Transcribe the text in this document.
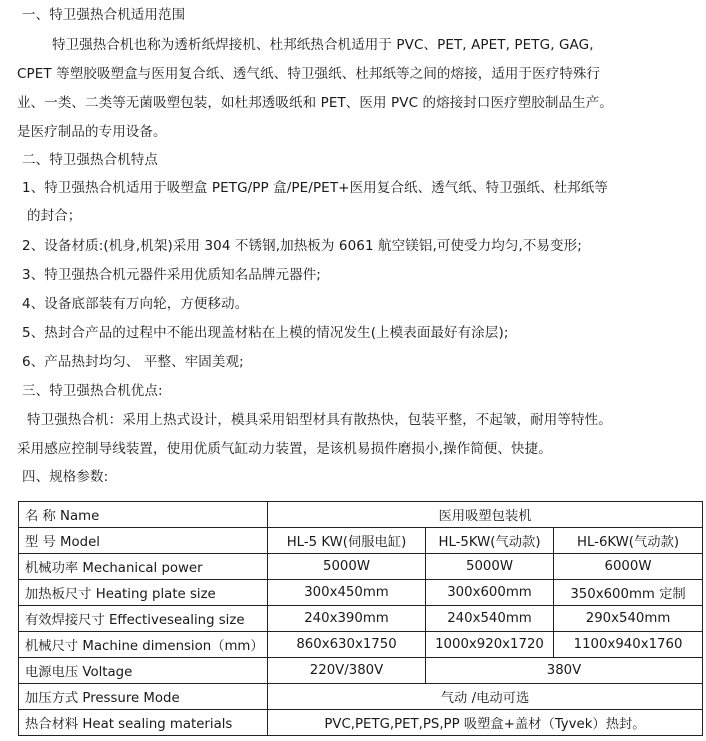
一、特卫强热合机适用范围
特卫强热合机也称为透析纸焊接机、杜邦纸热合机适用于 PVC、PET, APET, PETG, GAG,
CPET 等塑胶吸塑盒与医用复合纸、透气纸、特卫强纸、杜邦纸等之间的熔接，适用于医疗特殊行
业、一类、二类等无菌吸塑包装，如杜邦透吸纸和 PET、医用 PVC 的熔接封口医疗塑胶制品生产。
是医疗制品的专用设备。
二、特卫强热合机特点
1、特卫强热合机适用于吸塑盒 PETG/PP 盒/PE/PET+医用复合纸、透气纸、特卫强纸、杜邦纸等
的封合；
2、设备材质:(机身,机架)采用 304 不锈钢,加热板为 6061 航空镁铝,可使受力均匀,不易变形;
3、特卫强热合机元器件采用优质知名品牌元器件;
4、设备底部装有万向轮，方便移动。
5、热封合产品的过程中不能出现盖材粘在上模的情况发生(上模表面最好有涂层);
6、产品热封均匀、 平整、牢固美观;
三、特卫强热合机优点:
特卫强热合机：采用上热式设计，模具采用铝型材具有散热快，包装平整，不起皱，耐用等特性。
采用感应控制导线装置，使用优质气缸动力装置，是该机易损件磨损小,操作简便、快捷。
四、规格参数:
名 称 Name	医用吸塑包装机		
型 号 Model	HL-5 KW(伺服电缸)	HL-5KW(气动款)	HL-6KW(气动款)
机械功率 Mechanical power	5000W	5000W	6000W
加热板尺寸 Heating plate size	300x450mm	300x600mm	350x600mm 定制
有效焊接尺寸 Effectivesealing size	240x390mm	240x540mm	290x540mm
机械尺寸 Machine dimension（mm）	860x630x1750	1000x920x1720	1100x940x1760
电源电压 Voltage	220V/380V	380V	
加压方式 Pressure Mode	气动 /电动可选		
热合材料 Heat sealing materials	PVC,PETG,PET,PS,PP 吸塑盒+盖材（Tyvek）热封。		
